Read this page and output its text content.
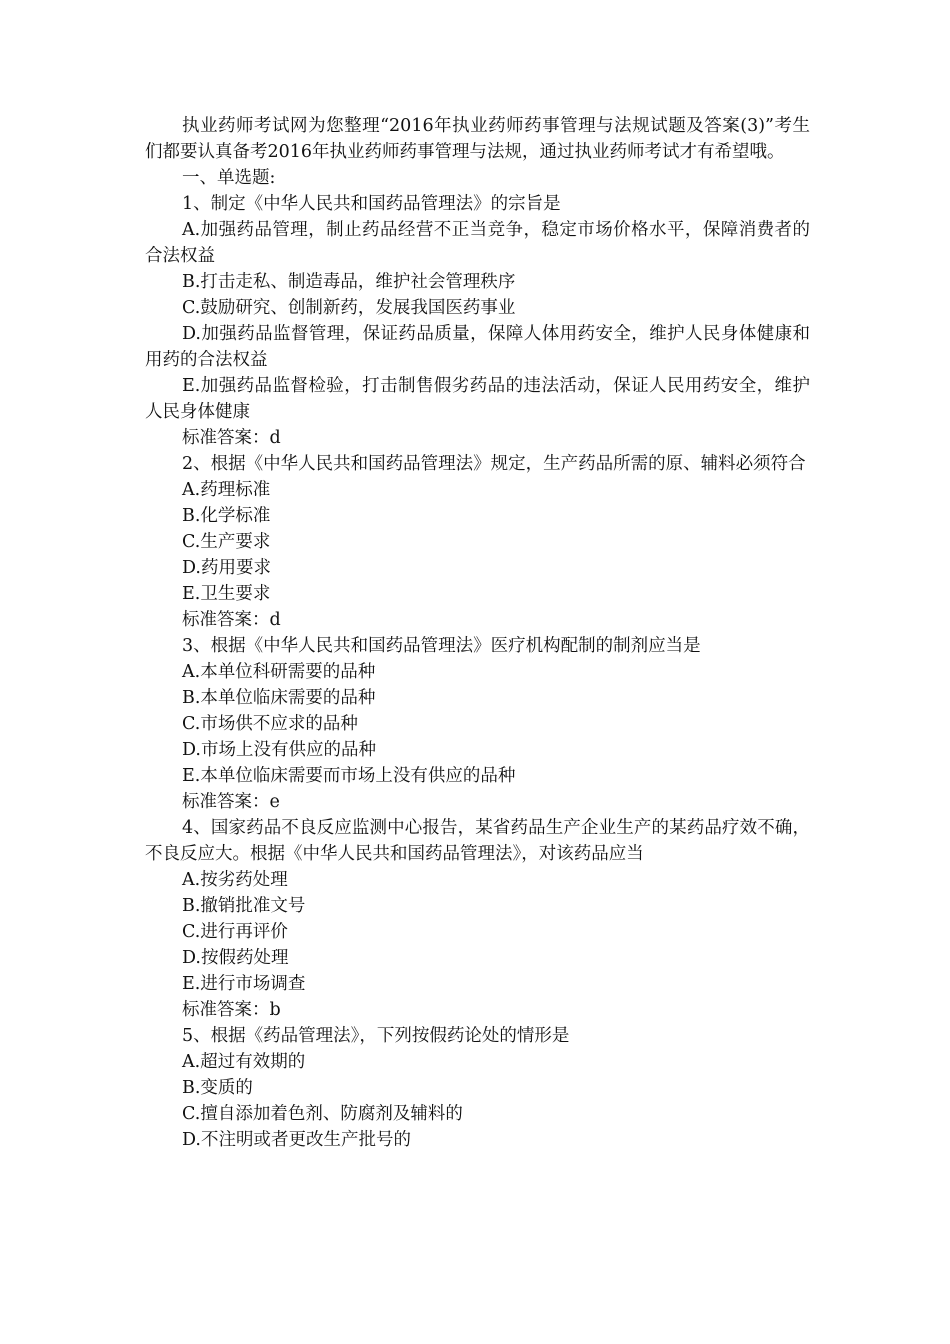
执业药师考试网为您整理“2016年执业药师药事管理与法规试题及答案(3)”考生们都要认真备考2016年执业药师药事管理与法规，通过执业药师考试才有希望哦。

一、单选题:

1、制定《中华人民共和国药品管理法》的宗旨是

A.加强药品管理，制止药品经营不正当竞争，稳定市场价格水平，保障消费者的合法权益

B.打击走私、制造毒品，维护社会管理秩序

C.鼓励研究、创制新药，发展我国医药事业

D.加强药品监督管理，保证药品质量，保障人体用药安全，维护人民身体健康和用药的合法权益

E.加强药品监督检验，打击制售假劣药品的违法活动，保证人民用药安全，维护人民身体健康

标准答案：d

2、根据《中华人民共和国药品管理法》规定，生产药品所需的原、辅料必须符合

A.药理标准

B.化学标准

C.生产要求

D.药用要求

E.卫生要求

标准答案：d

3、根据《中华人民共和国药品管理法》医疗机构配制的制剂应当是

A.本单位科研需要的品种

B.本单位临床需要的品种

C.市场供不应求的品种

D.市场上没有供应的品种

E.本单位临床需要而市场上没有供应的品种

标准答案：e

4、国家药品不良反应监测中心报告，某省药品生产企业生产的某药品疗效不确，不良反应大。根据《中华人民共和国药品管理法》，对该药品应当

A.按劣药处理

B.撤销批准文号

C.进行再评价

D.按假药处理

E.进行市场调查

标准答案：b

5、根据《药品管理法》，下列按假药论处的情形是

A.超过有效期的

B.变质的

C.擅自添加着色剂、防腐剂及辅料的

D.不注明或者更改生产批号的
